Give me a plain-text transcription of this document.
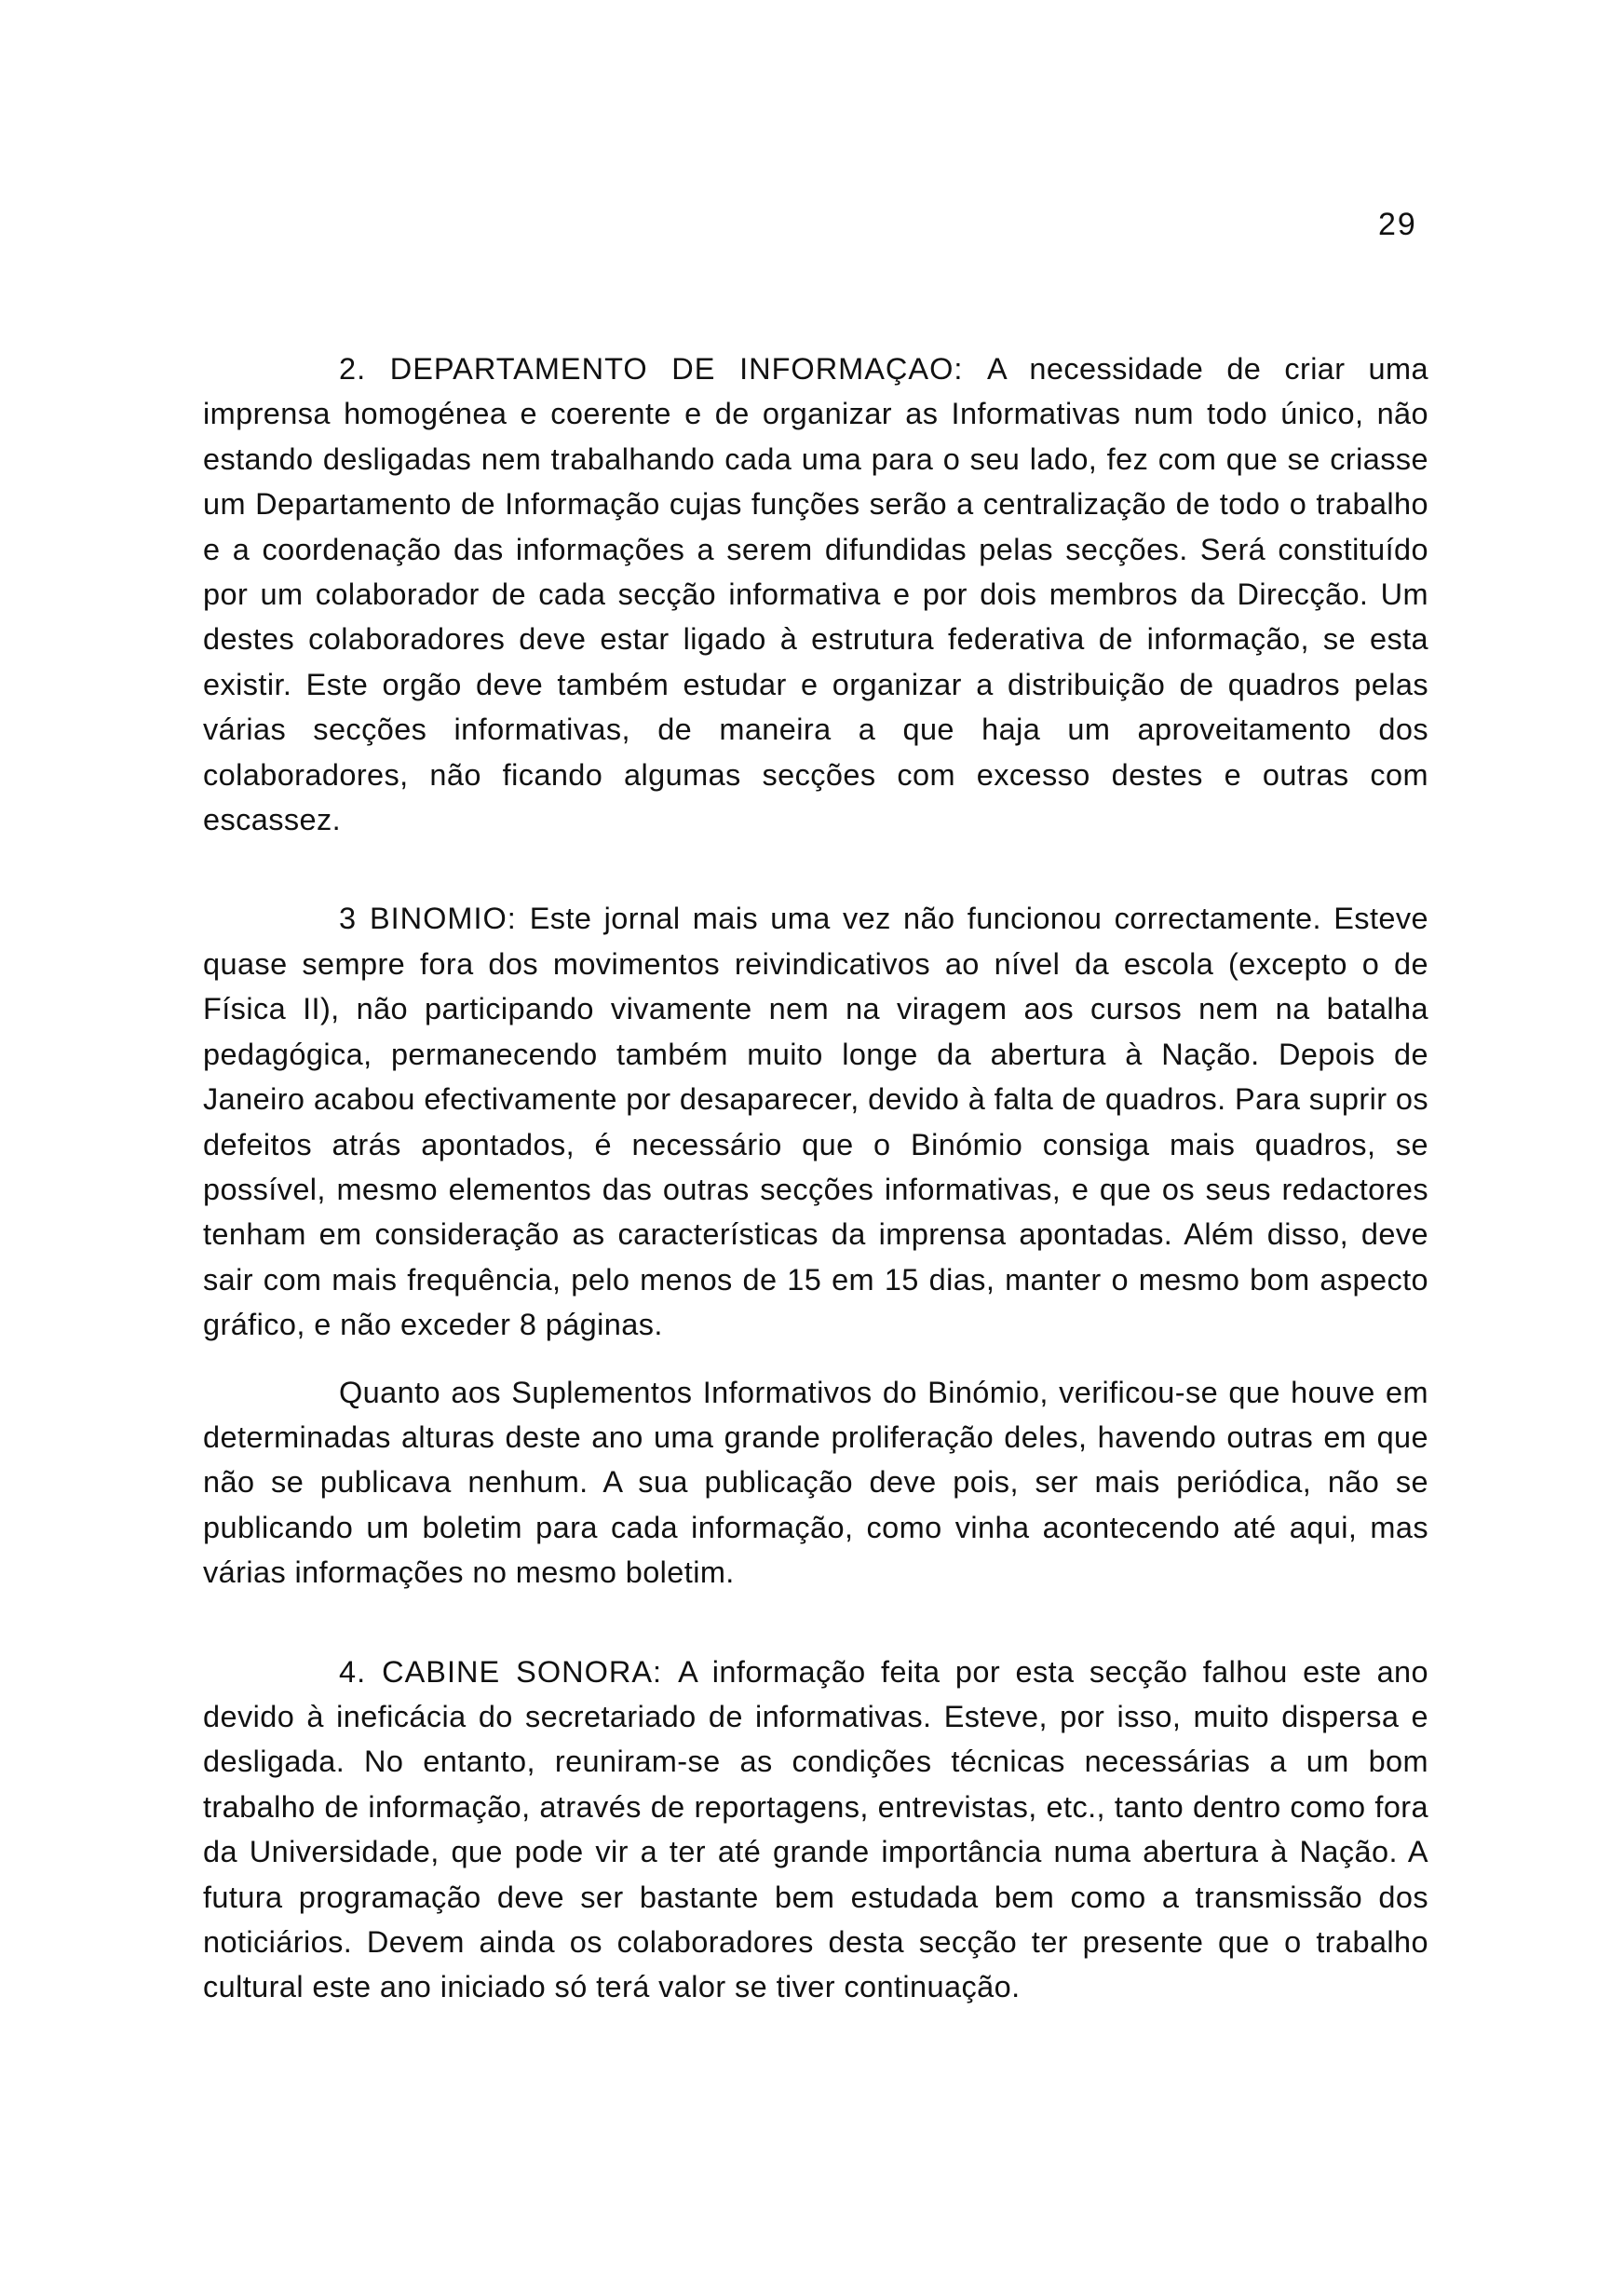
29

2. DEPARTAMENTO DE INFORMAÇAO: A necessidade de criar uma imprensa homogénea e coerente e de organizar as Informativas num todo único, não estando desligadas nem trabalhando cada uma para o seu lado, fez com que se criasse um Departamento de Informação cujas funções serão a centralização de todo o trabalho e a coordenação das informações a serem difundidas pelas secções. Será constituído por um colaborador de cada secção informativa e por dois membros da Direcção. Um destes colaboradores deve estar ligado à estrutura federativa de informação, se esta existir. Este orgão deve também estudar e organizar a distribuição de quadros pelas várias secções informativas, de maneira a que haja um aproveitamento dos colaboradores, não ficando algumas secções com excesso destes e outras com escassez.

3 BINOMIO: Este jornal mais uma vez não funcionou correctamente. Esteve quase sempre fora dos movimentos reivindicativos ao nível da escola (excepto o de Física II), não participando vivamente nem na viragem aos cursos nem na batalha pedagógica, permanecendo também muito longe da abertura à Nação. Depois de Janeiro acabou efectivamente por desaparecer, devido à falta de quadros. Para suprir os defeitos atrás apontados, é necessário que o Binómio consiga mais quadros, se possível, mesmo elementos das outras secções informativas, e que os seus redactores tenham em consideração as características da imprensa apontadas. Além disso, deve sair com mais frequência, pelo menos de 15 em 15 dias, manter o mesmo bom aspecto gráfico, e não exceder 8 páginas.

Quanto aos Suplementos Informativos do Binómio, verificou-se que houve em determinadas alturas deste ano uma grande proliferação deles, havendo outras em que não se publicava nenhum. A sua publicação deve pois, ser mais periódica, não se publicando um boletim para cada informação, como vinha acontecendo até aqui, mas várias informações no mesmo boletim.

4. CABINE SONORA: A informação feita por esta secção falhou este ano devido à ineficácia do secretariado de informativas. Esteve, por isso, muito dispersa e desligada. No entanto, reuniram-se as condições técnicas necessárias a um bom trabalho de informação, através de reportagens, entrevistas, etc., tanto dentro como fora da Universidade, que pode vir a ter até grande importância numa abertura à Nação. A futura programação deve ser bastante bem estudada bem como a transmissão dos noticiários. Devem ainda os colaboradores desta secção ter presente que o trabalho cultural este ano iniciado só terá valor se tiver continuação.
